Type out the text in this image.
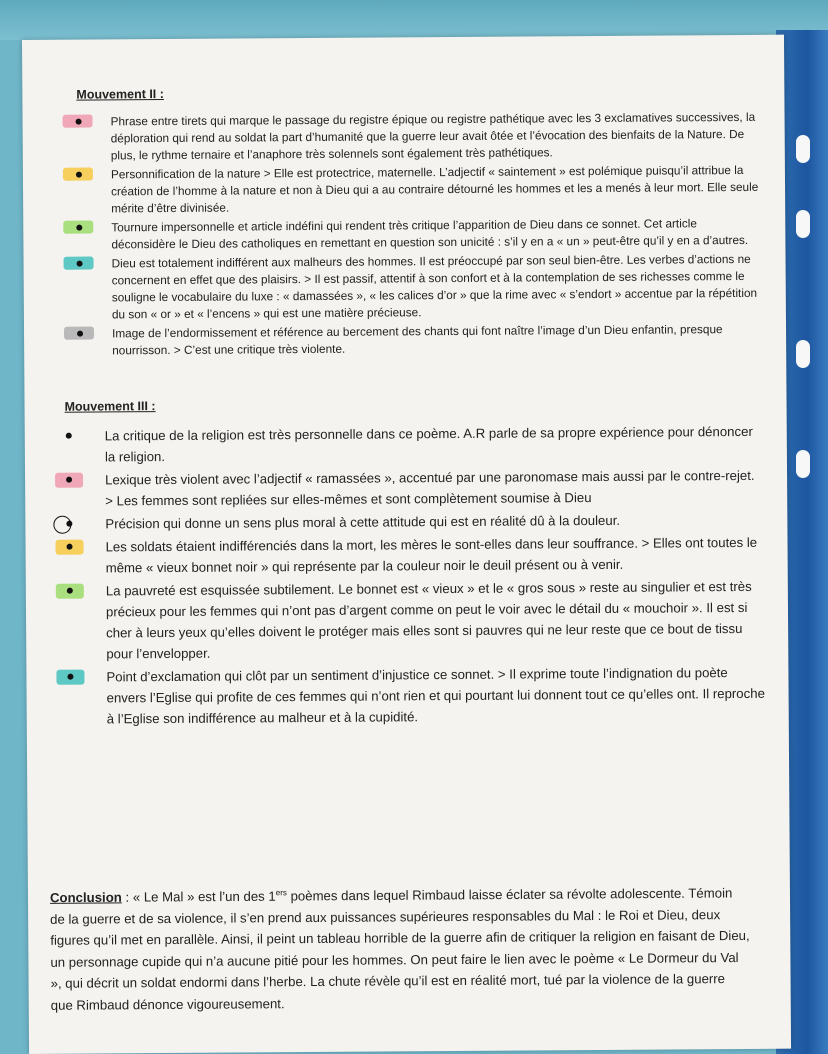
Mouvement II :
Phrase entre tirets qui marque le passage du registre épique ou registre pathétique avec les 3 exclamatives successives, la déploration qui rend au soldat la part d’humanité que la guerre leur avait ôtée et l’évocation des bienfaits de la Nature. De plus, le rythme ternaire et l’anaphore très solennels sont également très pathétiques.
Personnification de la nature > Elle est protectrice, maternelle. L’adjectif « saintement » est polémique puisqu’il attribue la création de l’homme à la nature et non à Dieu qui a au contraire détourné les hommes et les a menés à leur mort. Elle seule mérite d’être divinisée.
Tournure impersonnelle et article indéfini qui rendent très critique l’apparition de Dieu dans ce sonnet. Cet article déconsidère le Dieu des catholiques en remettant en question son unicité : s’il y en a « un » peut-être qu’il y en a d’autres.
Dieu est totalement indifférent aux malheurs des hommes. Il est préoccupé par son seul bien-être. Les verbes d’actions ne concernent en effet que des plaisirs. > Il est passif, attentif à son confort et à la contemplation de ses richesses comme le souligne le vocabulaire du luxe : « damassées », « les calices d’or » que la rime avec « s’endort » accentue par la répétition du son « or » et « l’encens » qui est une matière précieuse.
Image de l’endormissement et référence au bercement des chants qui font naître l’image d’un Dieu enfantin, presque nourrisson. > C’est une critique très violente.
Mouvement III :
La critique de la religion est très personnelle dans ce poème. A.R parle de sa propre expérience pour dénoncer la religion.
Lexique très violent avec l’adjectif « ramassées », accentué par une paronomase mais aussi par le contre-rejet. > Les femmes sont repliées sur elles-mêmes et sont complètement soumise à Dieu
Précision qui donne un sens plus moral à cette attitude qui est en réalité dû à la douleur.
Les soldats étaient indifférenciés dans la mort, les mères le sont-elles dans leur souffrance. > Elles ont toutes le même « vieux bonnet noir » qui représente par la couleur noir le deuil présent ou à venir.
La pauvreté est esquissée subtilement. Le bonnet est « vieux » et le « gros sous » reste au singulier et est très précieux pour les femmes qui n’ont pas d’argent comme on peut le voir avec le détail du « mouchoir ». Il est si cher à leurs yeux qu’elles doivent le protéger mais elles sont si pauvres qui ne leur reste que ce bout de tissu pour l’envelopper.
Point d’exclamation qui clôt par un sentiment d’injustice ce sonnet. > Il exprime toute l’indignation du poète envers l’Eglise qui profite de ces femmes qui n’ont rien et qui pourtant lui donnent tout ce qu’elles ont. Il reproche à l’Eglise son indifférence au malheur et à la cupidité.
Conclusion : « Le Mal » est l’un des 1ers poèmes dans lequel Rimbaud laisse éclater sa révolte adolescente. Témoin de la guerre et de sa violence, il s’en prend aux puissances supérieures responsables du Mal : le Roi et Dieu, deux figures qu’il met en parallèle. Ainsi, il peint un tableau horrible de la guerre afin de critiquer la religion en faisant de Dieu, un personnage cupide qui n’a aucune pitié pour les hommes. On peut faire le lien avec le poème « Le Dormeur du Val », qui décrit un soldat endormi dans l’herbe. La chute révèle qu’il est en réalité mort, tué par la violence de la guerre que Rimbaud dénonce vigoureusement.
